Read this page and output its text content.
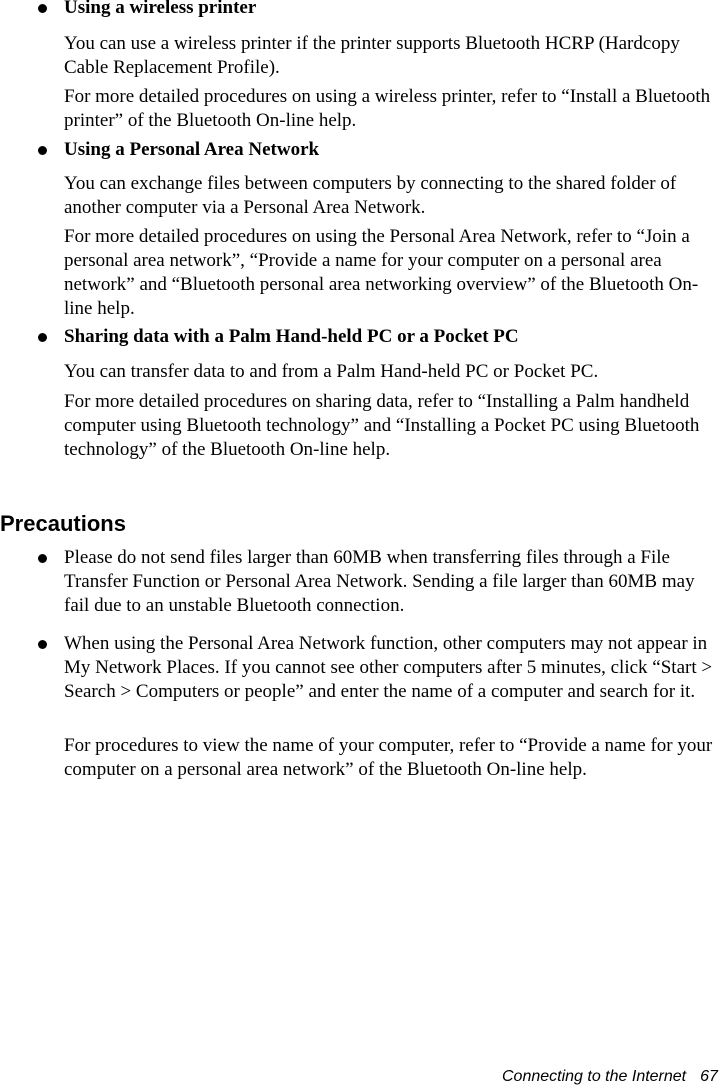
Using a wireless printer

You can use a wireless printer if the printer supports Bluetooth HCRP (Hardcopy Cable Replacement Profile).

For more detailed procedures on using a wireless printer, refer to “Install a Bluetooth printer” of the Bluetooth On-line help.

Using a Personal Area Network

You can exchange files between computers by connecting to the shared folder of another computer via a Personal Area Network.

For more detailed procedures on using the Personal Area Network, refer to “Join a personal area network”, “Provide a name for your computer on a personal area network” and “Bluetooth personal area networking overview” of the Bluetooth On-line help.

Sharing data with a Palm Hand-held PC or a Pocket PC

You can transfer data to and from a Palm Hand-held PC or Pocket PC.

For more detailed procedures on sharing data, refer to “Installing a Palm handheld computer using Bluetooth technology” and “Installing a Pocket PC using Bluetooth technology” of the Bluetooth On-line help.

Precautions

Please do not send files larger than 60MB when transferring files through a File Transfer Function or Personal Area Network. Sending a file larger than 60MB may fail due to an unstable Bluetooth connection.

When using the Personal Area Network function, other computers may not appear in My Network Places. If you cannot see other computers after 5 minutes, click “Start > Search > Computers or people” and enter the name of a computer and search for it.

For procedures to view the name of your computer, refer to “Provide a name for your computer on a personal area network” of the Bluetooth On-line help.

Connecting to the Internet 67
